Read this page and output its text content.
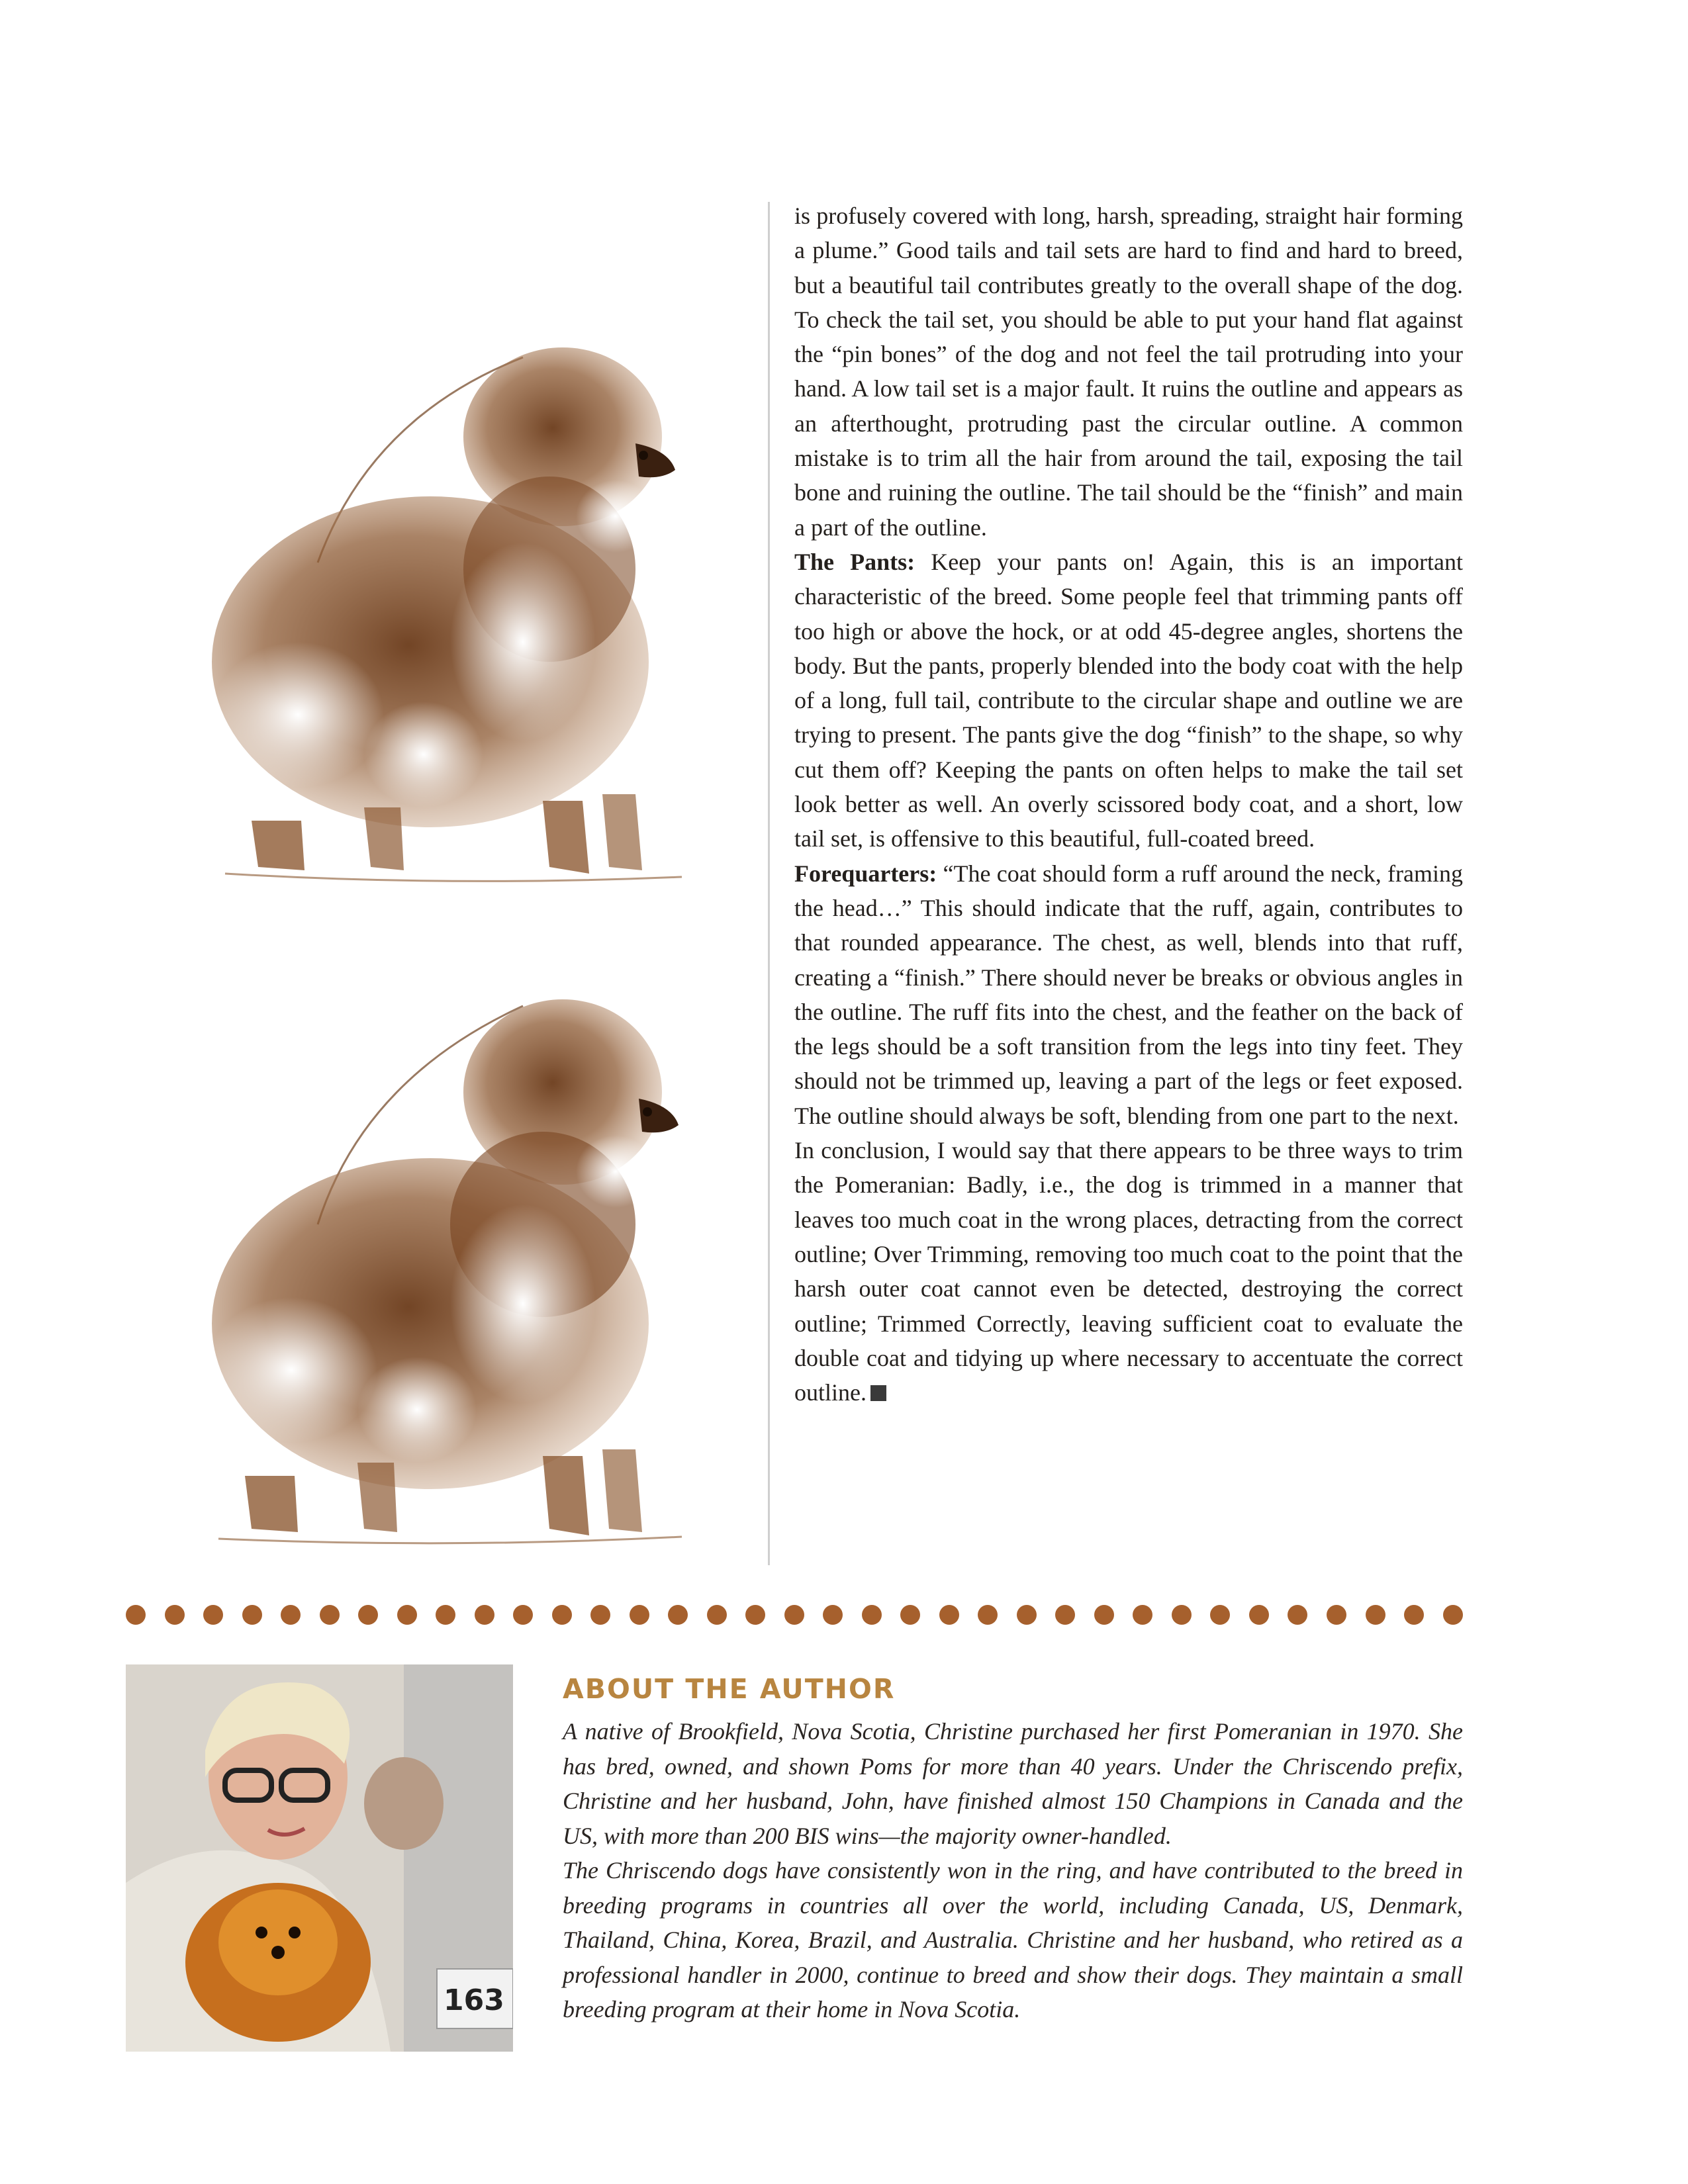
is profusely covered with long, harsh, spreading, straight hair forming a plume.” Good tails and tail sets are hard to find and hard to breed, but a beautiful tail contributes greatly to the overall shape of the dog. To check the tail set, you should be able to put your hand flat against the “pin bones” of the dog and not feel the tail protruding into your hand. A low tail set is a major fault. It ruins the outline and appears as an afterthought, protruding past the circular outline. A common mistake is to trim all the hair from around the tail, exposing the tail bone and ruining the outline. The tail should be the “finish” and main a part of the outline.

The Pants: Keep your pants on! Again, this is an important characteristic of the breed. Some people feel that trimming pants off too high or above the hock, or at odd 45-degree angles, shortens the body. But the pants, properly blended into the body coat with the help of a long, full tail, contribute to the circular shape and outline we are trying to present. The pants give the dog “finish” to the shape, so why cut them off? Keeping the pants on often helps to make the tail set look better as well. An overly scissored body coat, and a short, low tail set, is offensive to this beautiful, full-coated breed.

Forequarters: “The coat should form a ruff around the neck, framing the head…” This should indicate that the ruff, again, contributes to that rounded appearance. The chest, as well, blends into that ruff, creating a “finish.” There should never be breaks or obvious angles in the outline. The ruff fits into the chest, and the feather on the back of the legs should be a soft transition from the legs into tiny feet. They should not be trimmed up, leaving a part of the legs or feet exposed. The outline should always be soft, blending from one part to the next.

In conclusion, I would say that there appears to be three ways to trim the Pomeranian: Badly, i.e., the dog is trimmed in a manner that leaves too much coat in the wrong places, detracting from the correct outline; Over Trimming, removing too much coat to the point that the harsh outer coat cannot even be detected, destroying the correct outline; Trimmed Correctly, leaving sufficient coat to evaluate the double coat and tidying up where necessary to accentuate the correct outline.

163
ABOUT THE AUTHOR

A native of Brookfield, Nova Scotia, Christine purchased her first Pomeranian in 1970. She has bred, owned, and shown Poms for more than 40 years. Under the Chriscendo prefix, Christine and her husband, John, have finished almost 150 Champions in Canada and the US, with more than 200 BIS wins—the majority owner-handled.

The Chriscendo dogs have consistently won in the ring, and have contributed to the breed in breeding programs in countries all over the world, including Canada, US, Denmark, Thailand, China, Korea, Brazil, and Australia. Christine and her husband, who retired as a professional handler in 2000, continue to breed and show their dogs. They maintain a small breeding program at their home in Nova Scotia.
